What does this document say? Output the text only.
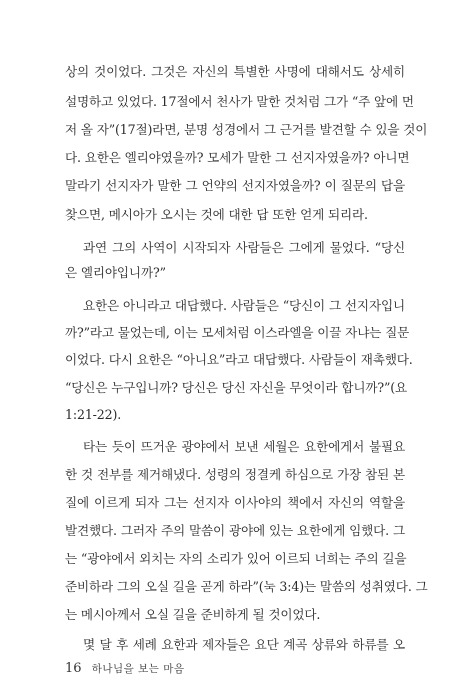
상의 것이었다. 그것은 자신의 특별한 사명에 대해서도 상세히
설명하고 있었다. 17절에서 천사가 말한 것처럼 그가 “주 앞에 먼
저 올 자”(17절)라면, 분명 성경에서 그 근거를 발견할 수 있을 것이
다. 요한은 엘리야였을까? 모세가 말한 그 선지자였을까? 아니면
말라기 선지자가 말한 그 언약의 선지자였을까? 이 질문의 답을
찾으면, 메시아가 오시는 것에 대한 답 또한 얻게 되리라.
과연 그의 사역이 시작되자 사람들은 그에게 물었다. “당신
은 엘리야입니까?”
요한은 아니라고 대답했다. 사람들은 “당신이 그 선지자입니
까?”라고 물었는데, 이는 모세처럼 이스라엘을 이끌 자냐는 질문
이었다. 다시 요한은 “아니요”라고 대답했다. 사람들이 재촉했다.
“당신은 누구입니까? 당신은 당신 자신을 무엇이라 합니까?”(요
1:21-22).
타는 듯이 뜨거운 광야에서 보낸 세월은 요한에게서 불필요
한 것 전부를 제거해냈다. 성령의 정결케 하심으로 가장 참된 본
질에 이르게 되자 그는 선지자 이사야의 책에서 자신의 역할을
발견했다. 그러자 주의 말씀이 광야에 있는 요한에게 임했다. 그
는 “광야에서 외치는 자의 소리가 있어 이르되 너희는 주의 길을
준비하라 그의 오실 길을 곧게 하라”(눅 3:4)는 말씀의 성취였다. 그
는 메시아께서 오실 길을 준비하게 될 것이었다.
몇 달 후 세례 요한과 제자들은 요단 계곡 상류와 하류를 오
16 하나님을 보는 마음
